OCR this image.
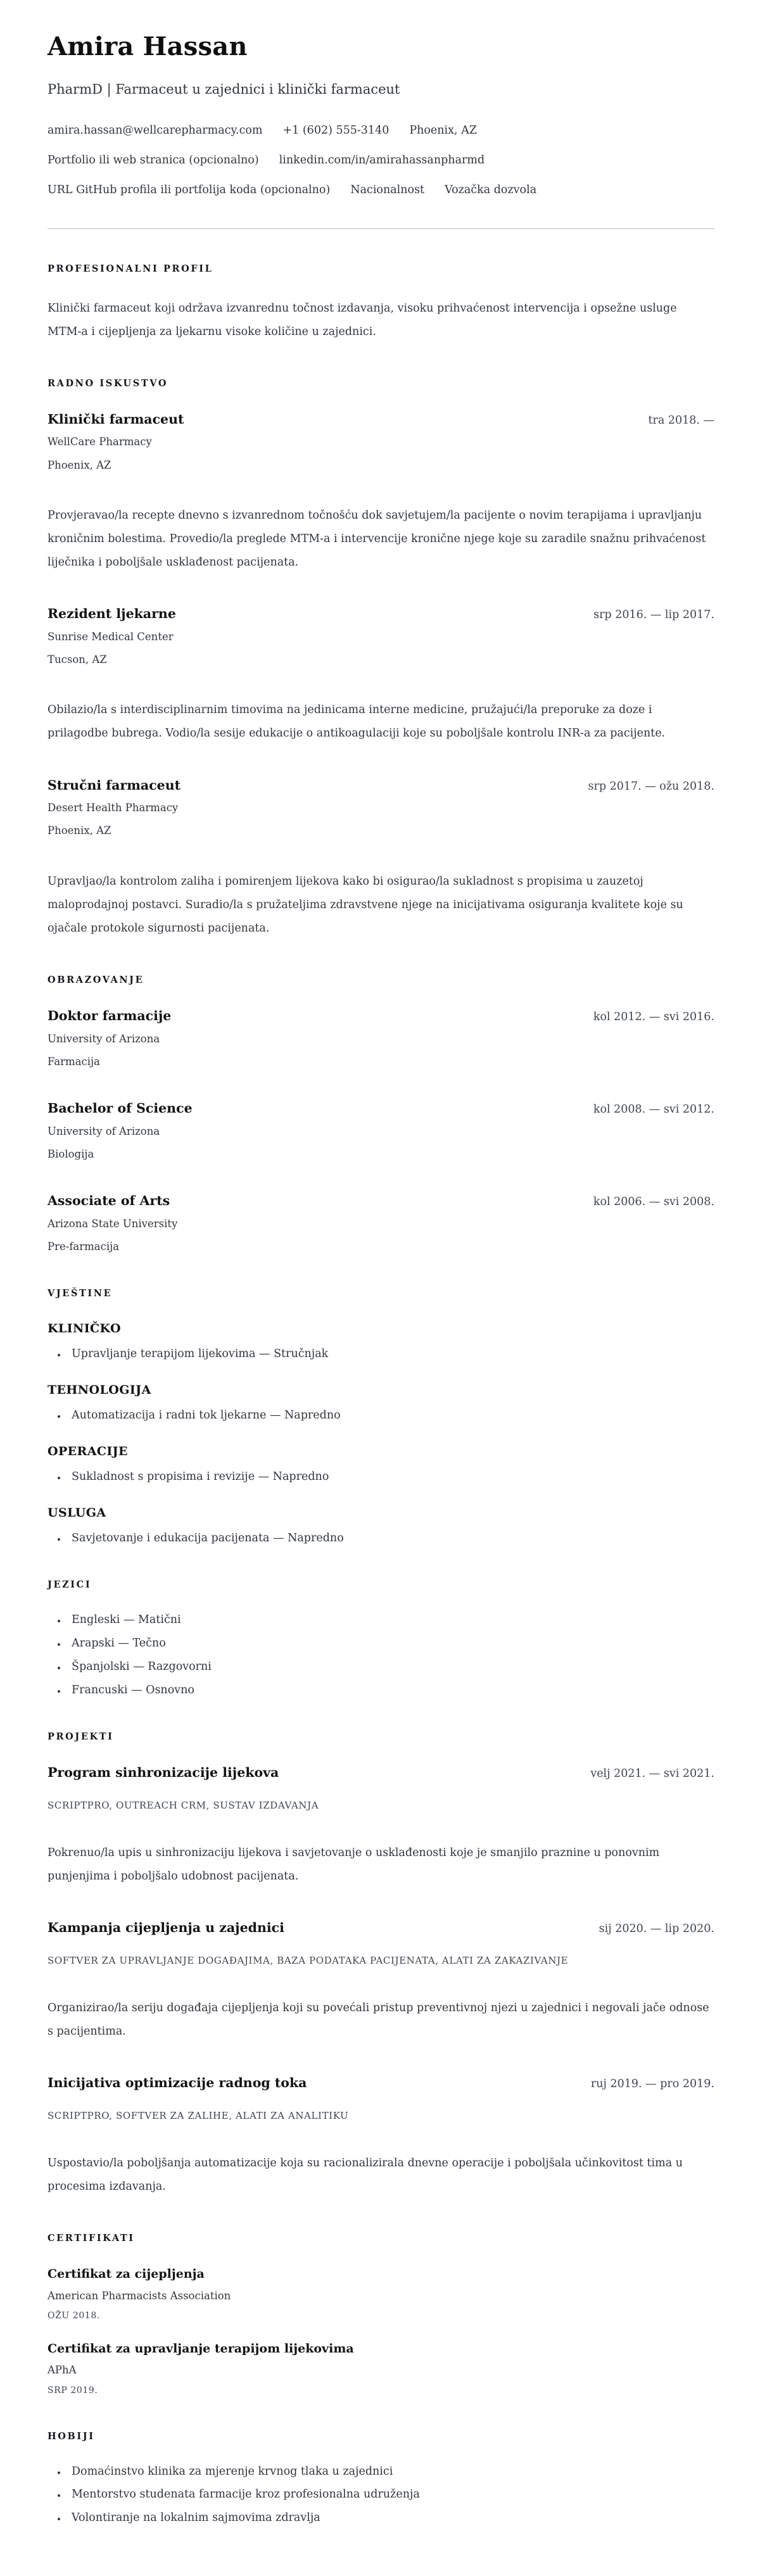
Amira Hassan

PharmD | Farmaceut u zajednici i klinički farmaceut

amira.hassan@wellcarepharmacy.com +1 (602) 555-3140 Phoenix, AZ
Portfolio ili web stranica (opcionalno) linkedin.com/in/amirahassanpharmd
URL GitHub profila ili portfolija koda (opcionalno) Nacionalnost Vozačka dozvola
PROFESIONALNI PROFIL

Klinički farmaceut koji održava izvanrednu točnost izdavanja, visoku prihvaćenost intervencija i opsežne usluge MTM-a i cijepljenja za ljekarnu visoke količine u zajednici.

RADNO ISKUSTVO
Klinički farmaceut	tra 2018. —
WellCare Pharmacy
Phoenix, AZ

Provjeravao/la recepte dnevno s izvanrednom točnošću dok savjetujem/la pacijente o novim terapijama i upravljanju kroničnim bolestima. Provedio/la preglede MTM-a i intervencije kronične njege koje su zaradile snažnu prihvaćenost liječnika i poboljšale usklađenost pacijenata.

Rezident ljekarne	srp 2016. — lip 2017.
Sunrise Medical Center
Tucson, AZ

Obilazio/la s interdisciplinarnim timovima na jedinicama interne medicine, pružajući/la preporuke za doze i prilagodbe bubrega. Vodio/la sesije edukacije o antikoagulaciji koje su poboljšale kontrolu INR-a za pacijente.

Stručni farmaceut	srp 2017. — ožu 2018.
Desert Health Pharmacy
Phoenix, AZ

Upravljao/la kontrolom zaliha i pomirenjem lijekova kako bi osigurao/la sukladnost s propisima u zauzetoj maloprodajnoj postavci. Suradio/la s pružateljima zdravstvene njege na inicijativama osiguranja kvalitete koje su ojačale protokole sigurnosti pacijenata.

OBRAZOVANJE
Doktor farmacije	kol 2012. — svi 2016.
University of Arizona
Farmacija
Bachelor of Science	kol 2008. — svi 2012.
University of Arizona
Biologija
Associate of Arts	kol 2006. — svi 2008.
Arizona State University
Pre-farmacija
VJEŠTINE
KLINIČKO
• Upravljanje terapijom lijekovima — Stručnjak
TEHNOLOGIJA
• Automatizacija i radni tok ljekarne — Napredno
OPERACIJE
• Sukladnost s propisima i revizije — Napredno
USLUGA
• Savjetovanje i edukacija pacijenata — Napredno
JEZICI
• Engleski — Matični
• Arapski — Tečno
• Španjolski — Razgovorni
• Francuski — Osnovno
PROJEKTI
Program sinhronizacije lijekova	velj 2021. — svi 2021.
SCRIPTPRO, OUTREACH CRM, SUSTAV IZDAVANJA

Pokrenuo/la upis u sinhronizaciju lijekova i savjetovanje o usklađenosti koje je smanjilo praznine u ponovnim punjenjima i poboljšalo udobnost pacijenata.

Kampanja cijepljenja u zajednici	sij 2020. — lip 2020.
SOFTVER ZA UPRAVLJANJE DOGAĐAJIMA, BAZA PODATAKA PACIJENATA, ALATI ZA ZAKAZIVANJE

Organizirao/la seriju događaja cijepljenja koji su povećali pristup preventivnoj njezi u zajednici i negovali jače odnose s pacijentima.

Inicijativa optimizacije radnog toka	ruj 2019. — pro 2019.
SCRIPTPRO, SOFTVER ZA ZALIHE, ALATI ZA ANALITIKU

Uspostavio/la poboljšanja automatizacije koja su racionalizirala dnevne operacije i poboljšala učinkovitost tima u procesima izdavanja.

CERTIFIKATI
Certifikat za cijepljenja
American Pharmacists Association
OŽU 2018.
Certifikat za upravljanje terapijom lijekovima
APhA
SRP 2019.
HOBIJI
• Domaćinstvo klinika za mjerenje krvnog tlaka u zajednici
• Mentorstvo studenata farmacije kroz profesionalna udruženja
• Volontiranje na lokalnim sajmovima zdravlja
